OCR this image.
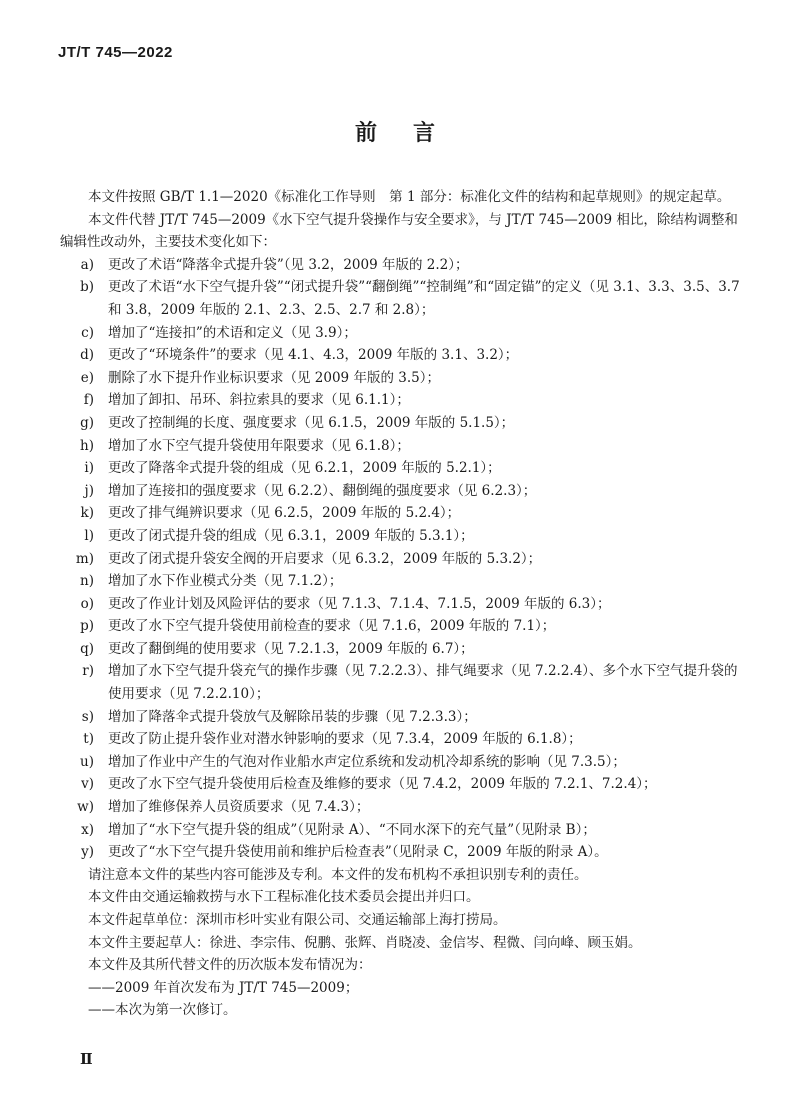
JT/T 745—2022
前 言

本文件按照 GB/T 1.1—2020《标准化工作导则　第 1 部分：标准化文件的结构和起草规则》的规定起草。

本文件代替 JT/T 745—2009《水下空气提升袋操作与安全要求》，与 JT/T 745—2009 相比，除结构调整和编辑性改动外，主要技术变化如下：

a)	更改了术语“降落伞式提升袋”（见 3.2，2009 年版的 2.2）；
b)	更改了术语“水下空气提升袋”“闭式提升袋”“翻倒绳”“控制绳”和“固定锚”的定义（见 3.1、3.3、3.5、3.7 和 3.8，2009 年版的 2.1、2.3、2.5、2.7 和 2.8）；
c)	增加了“连接扣”的术语和定义（见 3.9）；
d)	更改了“环境条件”的要求（见 4.1、4.3，2009 年版的 3.1、3.2）；
e)	删除了水下提升作业标识要求（见 2009 年版的 3.5）；
f)	增加了卸扣、吊环、斜拉索具的要求（见 6.1.1）；
g)	更改了控制绳的长度、强度要求（见 6.1.5，2009 年版的 5.1.5）；
h)	增加了水下空气提升袋使用年限要求（见 6.1.8）；
i)	更改了降落伞式提升袋的组成（见 6.2.1，2009 年版的 5.2.1）；
j)	增加了连接扣的强度要求（见 6.2.2）、翻倒绳的强度要求（见 6.2.3）；
k)	更改了排气绳辨识要求（见 6.2.5，2009 年版的 5.2.4）；
l)	更改了闭式提升袋的组成（见 6.3.1，2009 年版的 5.3.1）；
m)	更改了闭式提升袋安全阀的开启要求（见 6.3.2，2009 年版的 5.3.2）；
n)	增加了水下作业模式分类（见 7.1.2）；
o)	更改了作业计划及风险评估的要求（见 7.1.3、7.1.4、7.1.5，2009 年版的 6.3）；
p)	更改了水下空气提升袋使用前检查的要求（见 7.1.6，2009 年版的 7.1）；
q)	更改了翻倒绳的使用要求（见 7.2.1.3，2009 年版的 6.7）；
r)	增加了水下空气提升袋充气的操作步骤（见 7.2.2.3）、排气绳要求（见 7.2.2.4）、多个水下空气提升袋的使用要求（见 7.2.2.10）；
s)	增加了降落伞式提升袋放气及解除吊装的步骤（见 7.2.3.3）；
t)	更改了防止提升袋作业对潜水钟影响的要求（见 7.3.4，2009 年版的 6.1.8）；
u)	增加了作业中产生的气泡对作业船水声定位系统和发动机冷却系统的影响（见 7.3.5）；
v)	更改了水下空气提升袋使用后检查及维修的要求（见 7.4.2，2009 年版的 7.2.1、7.2.4）；
w)	增加了维修保养人员资质要求（见 7.4.3）；
x)	增加了“水下空气提升袋的组成”（见附录 A）、“不同水深下的充气量”（见附录 B）；
y)	更改了“水下空气提升袋使用前和维护后检查表”（见附录 C，2009 年版的附录 A）。

请注意本文件的某些内容可能涉及专利。本文件的发布机构不承担识别专利的责任。

本文件由交通运输救捞与水下工程标准化技术委员会提出并归口。

本文件起草单位：深圳市杉叶实业有限公司、交通运输部上海打捞局。

本文件主要起草人：徐进、李宗伟、倪鹏、张辉、肖晓凌、金信岑、程微、闫向峰、顾玉娟。

本文件及其所代替文件的历次版本发布情况为：

——2009 年首次发布为 JT/T 745—2009；

——本次为第一次修订。

Ⅱ
